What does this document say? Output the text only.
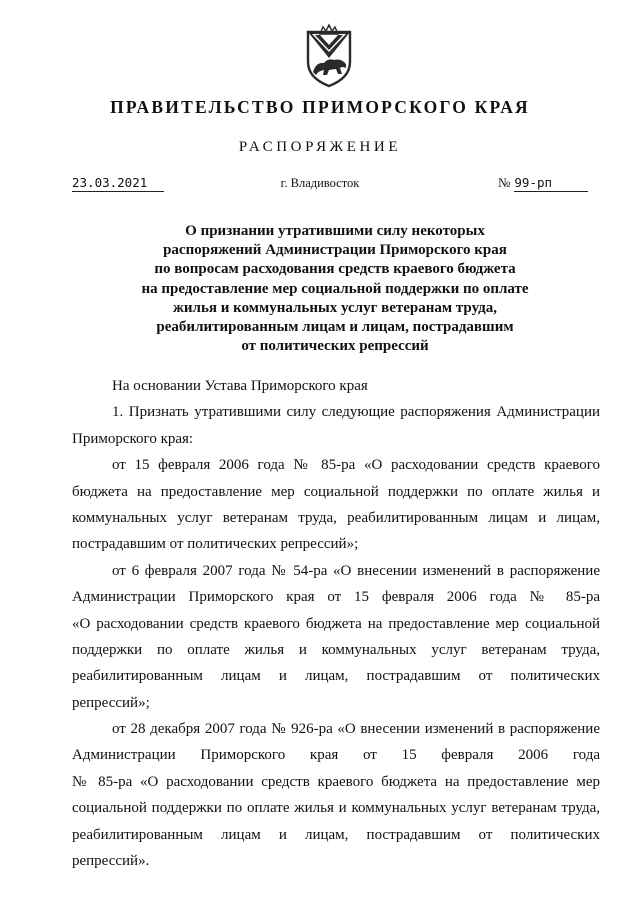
ПРАВИТЕЛЬСТВО ПРИМОРСКОГО КРАЯ
РАСПОРЯЖЕНИЕ
23.03.2021	г. Владивосток	№ 99-рп
О признании утратившими силу некоторых
распоряжений Администрации Приморского края
по вопросам расходования средств краевого бюджета
на предоставление мер социальной поддержки по оплате
жилья и коммунальных услуг ветеранам труда,
реабилитированным лицам и лицам, пострадавшим
от политических репрессий
На основании Устава Приморского края
1. Признать утратившими силу следующие распоряжения Администрации
Приморского края:
от 15 февраля 2006 года № 85-ра «О расходовании средств краевого
бюджета на предоставление мер социальной поддержки по оплате жилья и
коммунальных услуг ветеранам труда, реабилитированным лицам и лицам,
пострадавшим от политических репрессий»;
от 6 февраля 2007 года № 54-ра «О внесении изменений в распоряжение
Администрации Приморского края от 15 февраля 2006 года № 85-ра
«О расходовании средств краевого бюджета на предоставление мер социальной
поддержки по оплате жилья и коммунальных услуг ветеранам труда,
реабилитированным лицам и лицам, пострадавшим от политических
репрессий»;
от 28 декабря 2007 года № 926-ра «О внесении изменений в распоряжение
Администрации Приморского края от 15 февраля 2006 года
№ 85-ра «О расходовании средств краевого бюджета на предоставление мер
социальной поддержки по оплате жилья и коммунальных услуг ветеранам труда,
реабилитированным лицам и лицам, пострадавшим от политических
репрессий».
